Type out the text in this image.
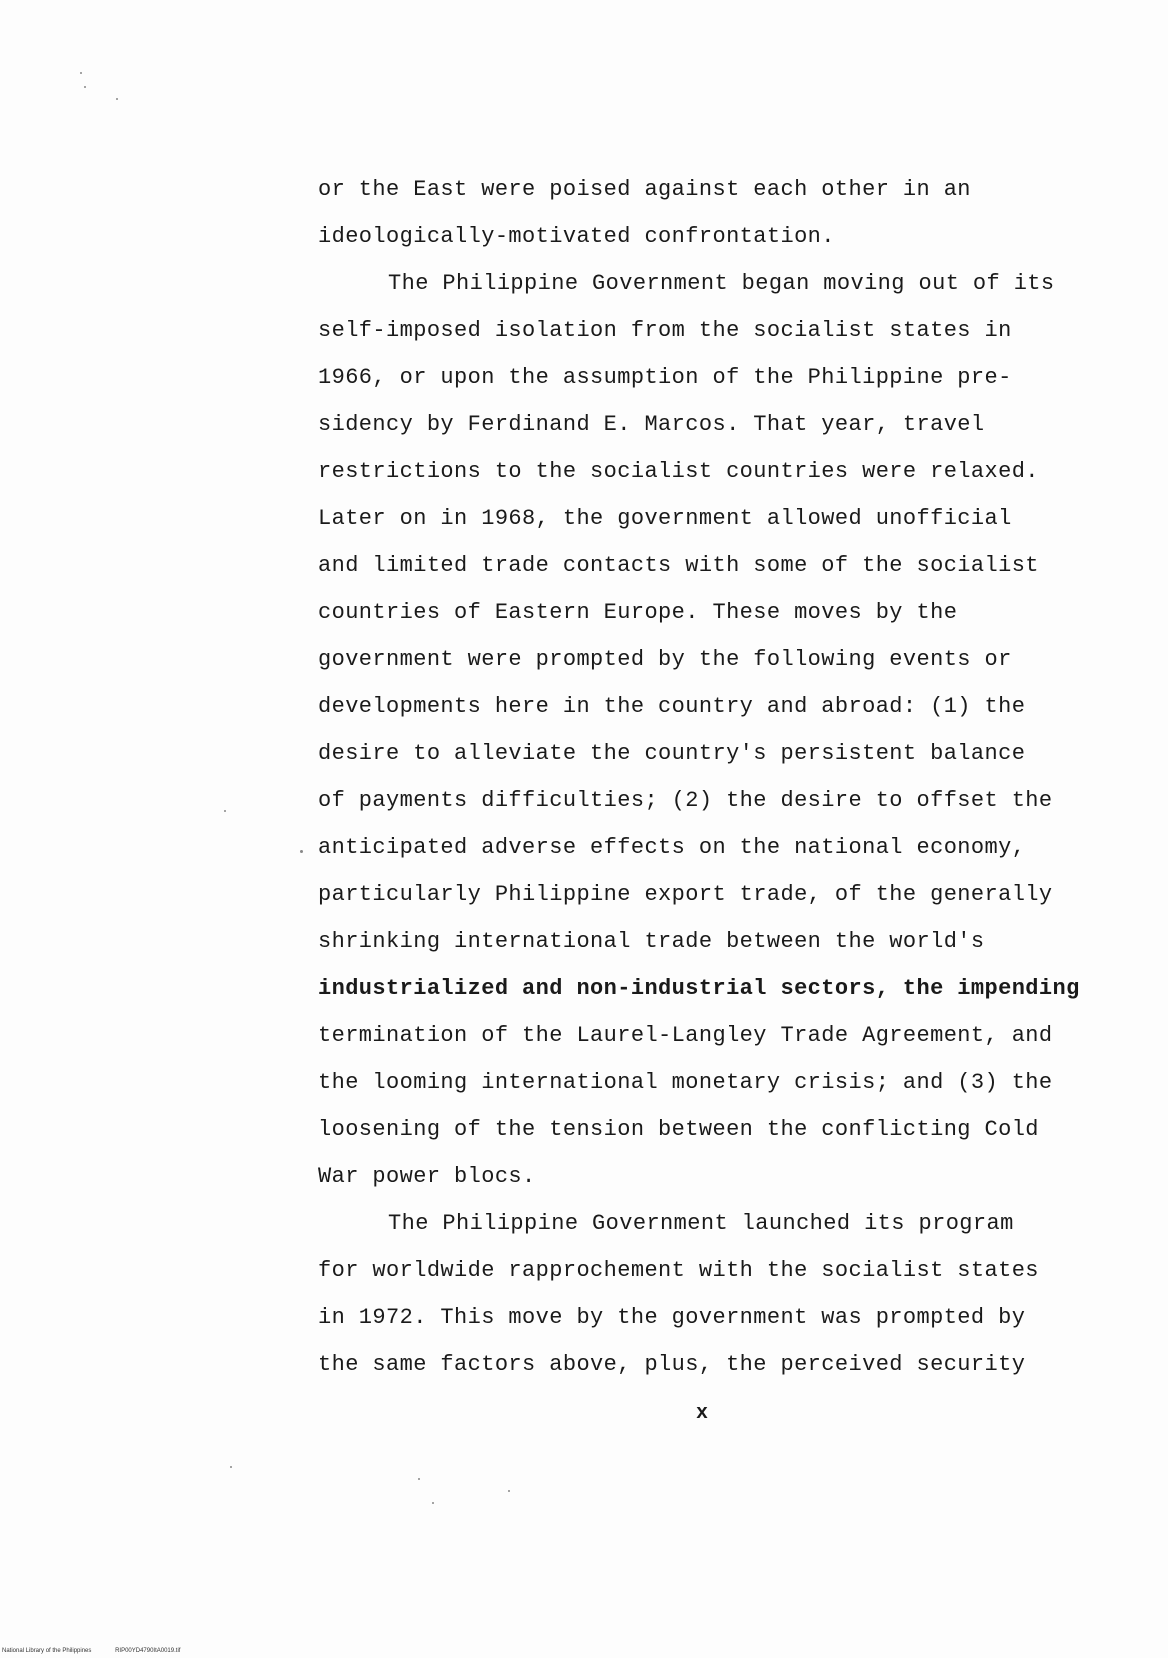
or the East were poised against each other in an
ideologically-motivated confrontation.
The Philippine Government began moving out of its
self-imposed isolation from the socialist states in
1966, or upon the assumption of the Philippine pre-
sidency by Ferdinand E. Marcos. That year, travel
restrictions to the socialist countries were relaxed.
Later on in 1968, the government allowed unofficial
and limited trade contacts with some of the socialist
countries of Eastern Europe. These moves by the
government were prompted by the following events or
developments here in the country and abroad: (1) the
desire to alleviate the country's persistent balance
of payments difficulties; (2) the desire to offset the
anticipated adverse effects on the national economy,
particularly Philippine export trade, of the generally
shrinking international trade between the world's
industrialized and non-industrial sectors, the impending
termination of the Laurel-Langley Trade Agreement, and
the looming international monetary crisis; and (3) the
loosening of the tension between the conflicting Cold
War power blocs.
The Philippine Government launched its program
for worldwide rapprochement with the socialist states
in 1972. This move by the government was prompted by
the same factors above, plus, the perceived security
x
National Library of the Philippines	RIP00YD4790ItA0019.tif
